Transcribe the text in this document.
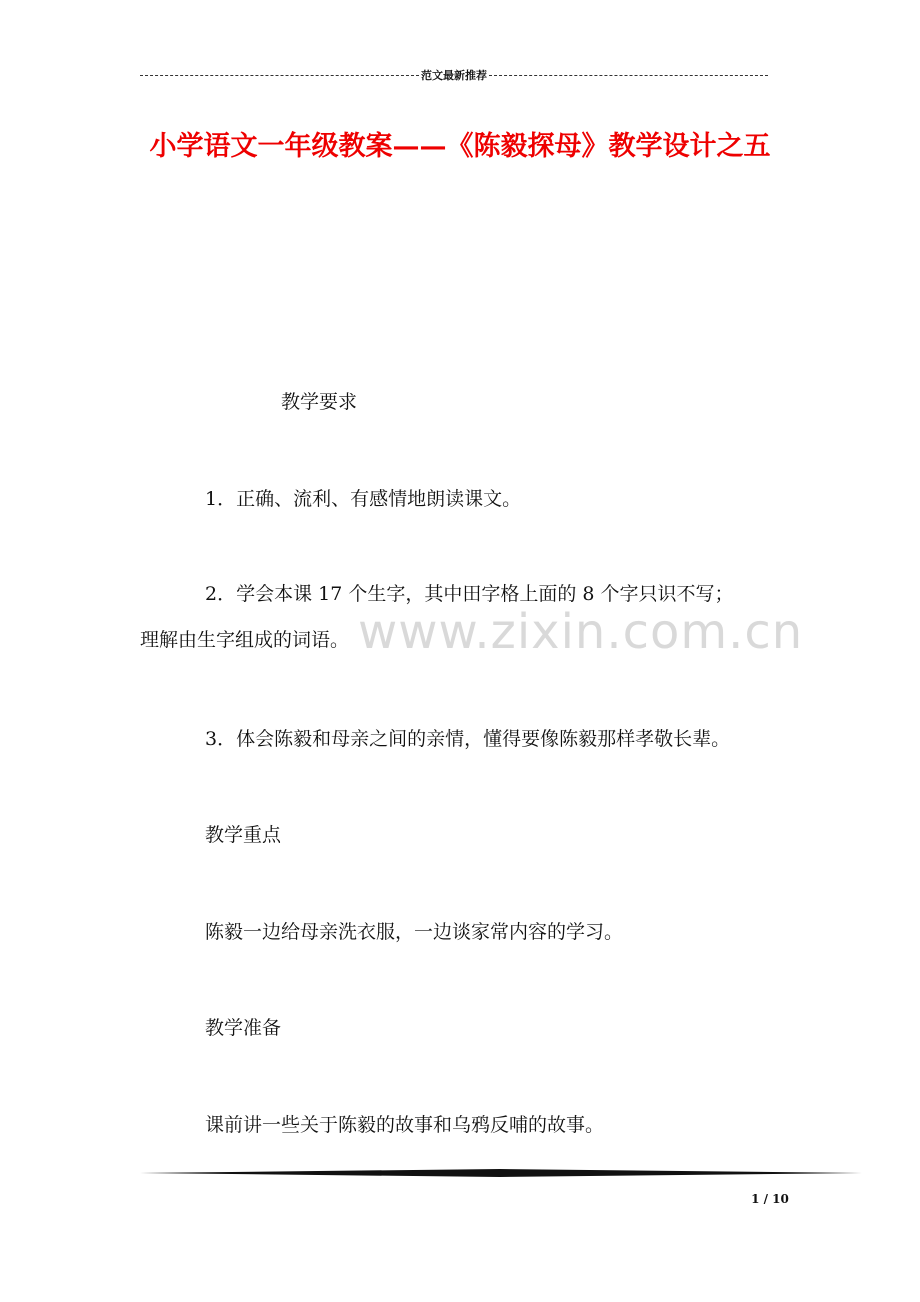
范文最新推荐
小学语文一年级教案——《陈毅探母》教学设计之五
www.zixin.com.cn
教学要求
1．正确、流利、有感情地朗读课文。
2．学会本课 17 个生字，其中田字格上面的 8 个字只识不写；
理解由生字组成的词语。
3．体会陈毅和母亲之间的亲情，懂得要像陈毅那样孝敬长辈。
教学重点
陈毅一边给母亲洗衣服，一边谈家常内容的学习。
教学准备
课前讲一些关于陈毅的故事和乌鸦反哺的故事。
1 / 10
